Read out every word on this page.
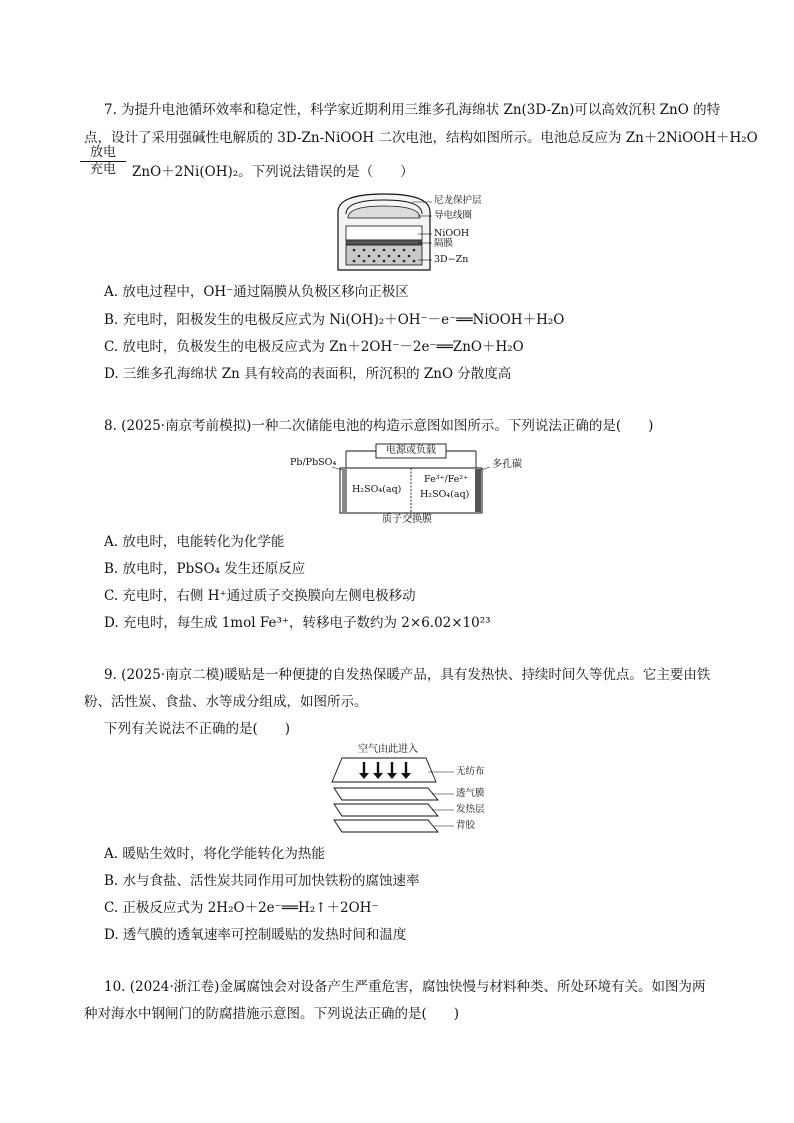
7. 为提升电池循环效率和稳定性，科学家近期利用三维多孔海绵状 Zn(3D-Zn)可以高效沉积 ZnO 的特
点，设计了采用强碱性电解质的 3D-Zn-NiOOH 二次电池，结构如图所示。电池总反应为 Zn＋2NiOOH＋H₂O
放电
充电	ZnO＋2Ni(OH)₂。下列说法错误的是（　　）
尼龙保护层
导电线圈
NiOOH
隔膜
3D−Zn
A. 放电过程中，OH⁻通过隔膜从负极区移向正极区
B. 充电时，阳极发生的电极反应式为 Ni(OH)₂＋OH⁻－e⁻══NiOOH＋H₂O
C. 放电时，负极发生的电极反应式为 Zn＋2OH⁻－2e⁻══ZnO＋H₂O
D. 三维多孔海绵状 Zn 具有较高的表面积，所沉积的 ZnO 分散度高
8. (2025·南京考前模拟)一种二次储能电池的构造示意图如图所示。下列说法正确的是(　　)
电源或负载
Pb/PbSO₄	多孔碳
H₂SO₄(aq)
Fe³⁺/Fe²⁺
H₂SO₄(aq)
质子交换膜
A. 放电时，电能转化为化学能
B. 放电时，PbSO₄ 发生还原反应
C. 充电时，右侧 H⁺通过质子交换膜向左侧电极移动
D. 充电时，每生成 1mol Fe³⁺，转移电子数约为 2×6.02×10²³
9. (2025·南京二模)暖贴是一种便捷的自发热保暖产品，具有发热快、持续时间久等优点。它主要由铁
粉、活性炭、食盐、水等成分组成，如图所示。
下列有关说法不正确的是(　　)
空气由此进入
无纺布
透气膜
发热层
背胶
A. 暖贴生效时，将化学能转化为热能
B. 水与食盐、活性炭共同作用可加快铁粉的腐蚀速率
C. 正极反应式为 2H₂O＋2e⁻══H₂↑＋2OH⁻
D. 透气膜的透氧速率可控制暖贴的发热时间和温度
10. (2024·浙江卷)金属腐蚀会对设备产生严重危害，腐蚀快慢与材料种类、所处环境有关。如图为两
种对海水中钢闸门的防腐措施示意图。下列说法正确的是(　　)
